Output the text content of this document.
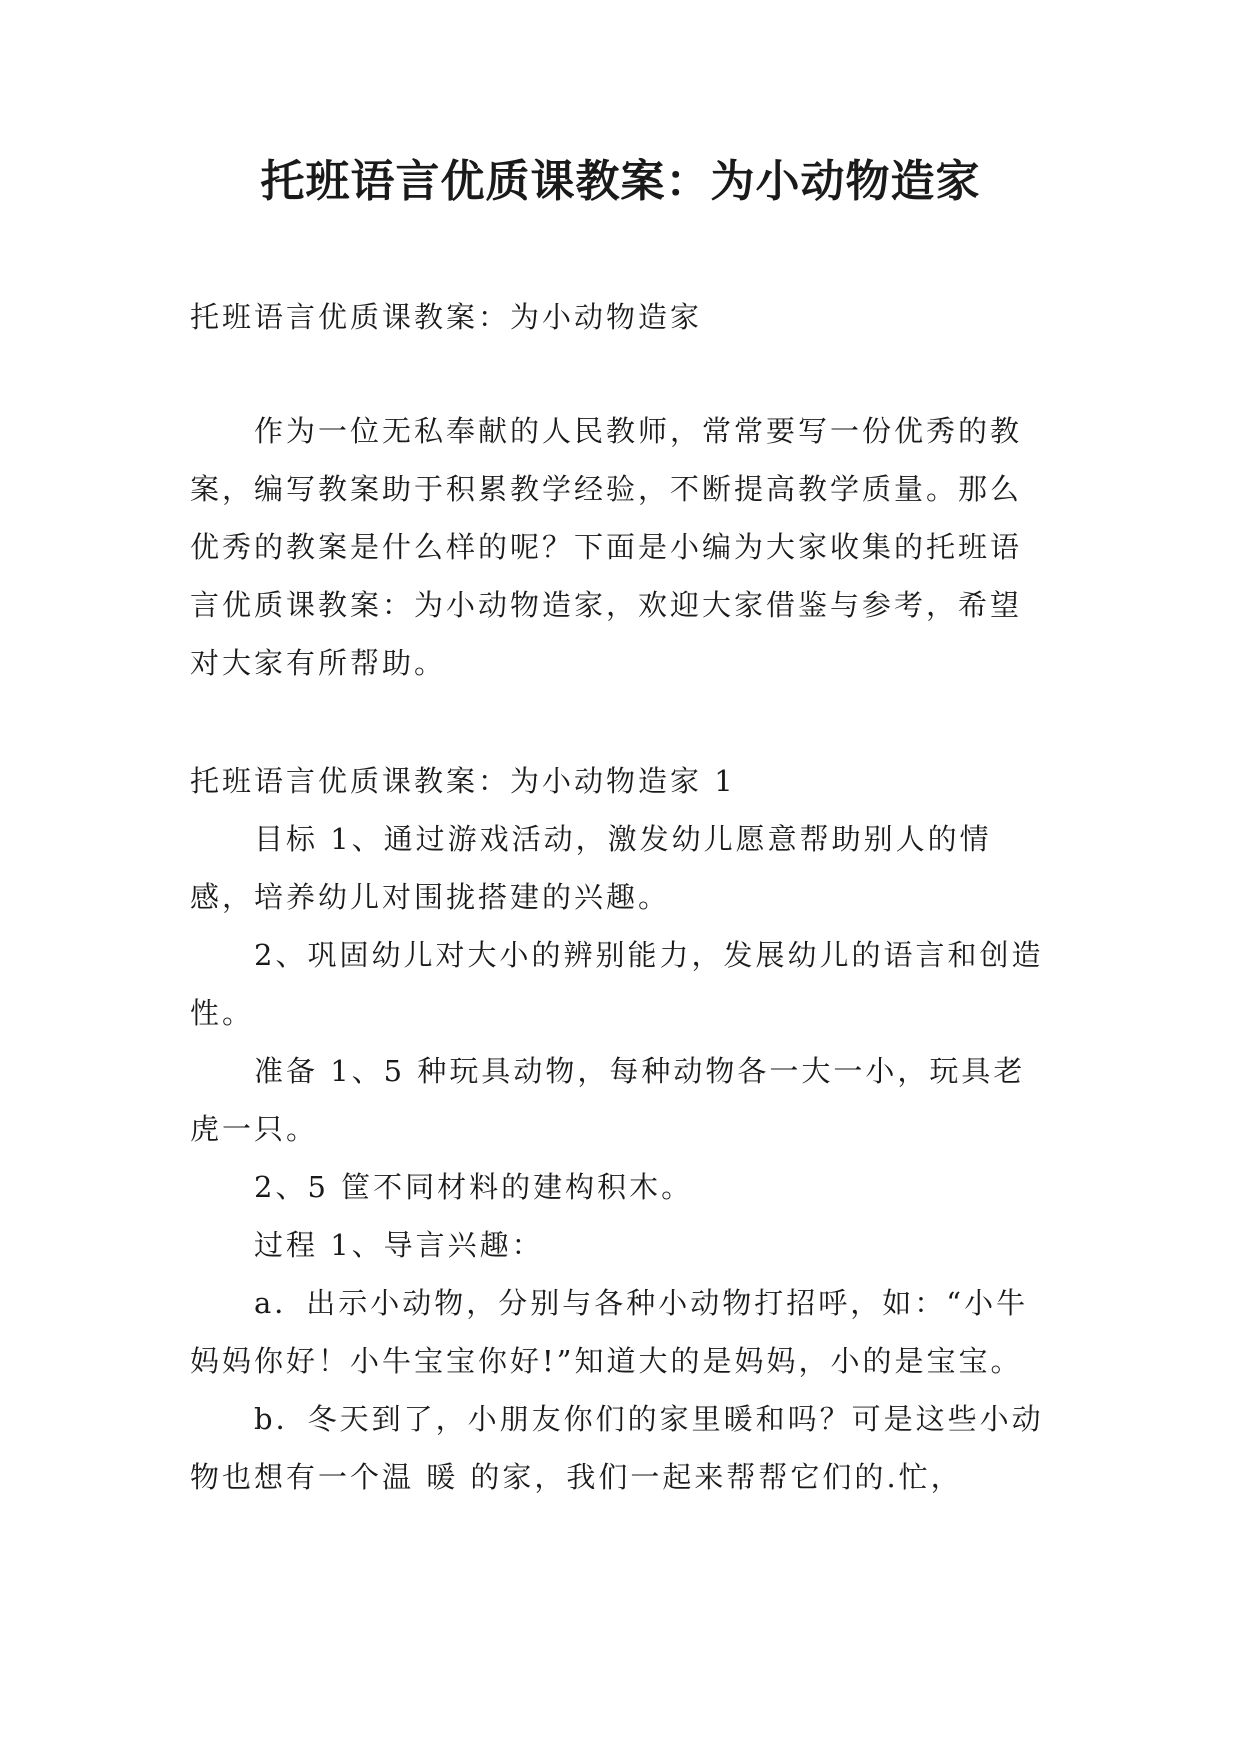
托班语言优质课教案：为小动物造家

托班语言优质课教案：为小动物造家

作为一位无私奉献的人民教师，常常要写一份优秀的教案，编写教案助于积累教学经验，不断提高教学质量。那么优秀的教案是什么样的呢？下面是小编为大家收集的托班语言优质课教案：为小动物造家，欢迎大家借鉴与参考，希望对大家有所帮助。

托班语言优质课教案：为小动物造家 1

目标 1、通过游戏活动，激发幼儿愿意帮助别人的情感，培养幼儿对围拢搭建的兴趣。

2、巩固幼儿对大小的辨别能力，发展幼儿的语言和创造性。

准备 1、5 种玩具动物，每种动物各一大一小，玩具老虎一只。

2、5 筐不同材料的建构积木。

过程 1、导言兴趣：

a．出示小动物，分别与各种小动物打招呼，如：“小牛妈妈你好！小牛宝宝你好!”知道大的是妈妈，小的是宝宝。

b．冬天到了，小朋友你们的家里暖和吗？可是这些小动物也想有一个温 暖 的家，我们一起来帮帮它们的.忙，
